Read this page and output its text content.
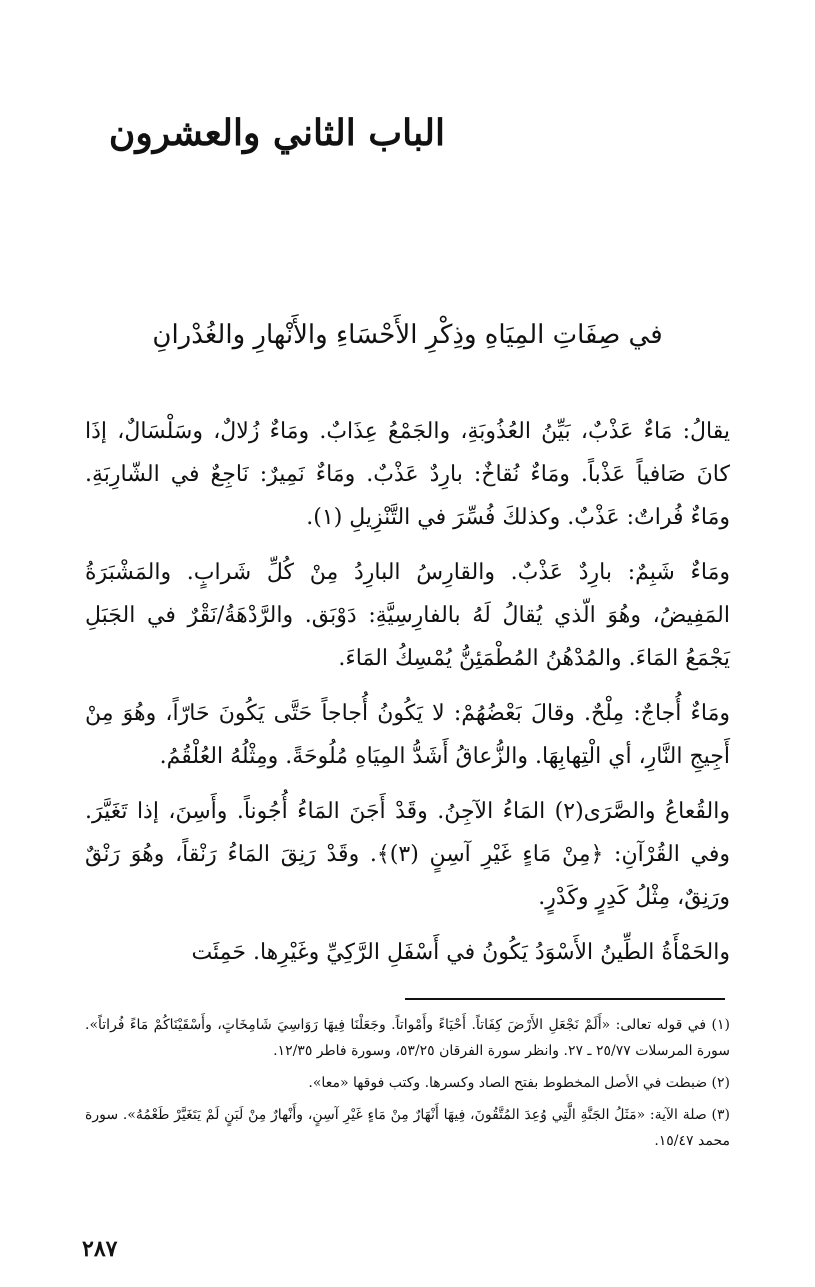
الباب الثاني والعشرون
في صِفَاتِ المِيَاهِ وذِكْرِ الأَحْسَاءِ والأَنْهارِ والغُدْرانِ

يقالُ: مَاءٌ عَذْبٌ، بَيِّنُ العُذُوبَةِ، والجَمْعُ عِذَابٌ. ومَاءٌ زُلالٌ، وسَلْسَالٌ، إذَا كانَ صَافياً عَذْباً. ومَاءٌ نُقاخٌ: بارِدٌ عَذْبٌ. ومَاءٌ نَمِيرٌ: نَاجِعٌ في الشّارِبَةِ. ومَاءٌ فُراتٌ: عَذْبٌ. وكذلكَ فُسِّرَ في التَّنْزِيلِ (١).

ومَاءٌ شَبِمٌ: بارِدٌ عَذْبٌ. والقارِسُ البارِدُ مِنْ كُلِّ شَرابٍ. والمَشْبَرَةُ المَفِيضُ، وهُوَ الّذي يُقالُ لَهُ بالفارِسِيَّةِ: دَوْبَق. والرَّدْهَةُ/نَقْرٌ في الجَبَلِ يَجْمَعُ المَاءَ. والمُدْهُنُ المُطْمَئِنُّ يُمْسِكُ المَاءَ.

ومَاءٌ أُجاجٌ: مِلْحٌ. وقالَ بَعْضُهُمْ: لا يَكُونُ أُجاجاً حَتَّى يَكُونَ حَارّاً، وهُوَ مِنْ أَجِيجِ النَّارِ، أي الْتِهابِهَا. والزُّعاقُ أَشَدُّ المِيَاهِ مُلُوحَةً. ومِثْلُهُ العُلْقُمُ.

والقُعاعُ والصَّرَى(٢) المَاءُ الآجِنُ. وقَدْ أَجَنَ المَاءُ أُجُوناً. وأَسِنَ، إذا تَغَيَّرَ. وفي القُرْآنِ: ﴿مِنْ مَاءٍ غَيْرِ آسِنٍ (٣)﴾. وقَدْ رَنِقَ المَاءُ رَنْقاً، وهُوَ رَنْقٌ ورَنِقٌ، مِثْلُ كَدِرٍ وكَدْرٍ.

والحَمْأَةُ الطِّينُ الأَسْوَدُ يَكُونُ في أَسْفَلِ الرَّكِيِّ وغَيْرِها. حَمِئَت

(١) في قوله تعالى: «أَلَمْ نَجْعَلِ الأَرْضَ كِفَاتاً. أَحْيَاءً وأَمْواتاً. وجَعَلْنَا فِيهَا رَوَاسِيَ شَامِخَاتٍ، وأَسْقَيْنَاكُمْ مَاءً فُراتاً». سورة المرسلات ٢٥/٧٧ ـ ٢٧. وانظر سورة الفرقان ٥٣/٢٥، وسورة فاطر ١٢/٣٥.

(٢) ضبطت في الأصل المخطوط بفتح الصاد وكسرها. وكتب فوقها «معا».

(٣) صلة الآية: «مَثَلُ الجَنَّةِ الَّتِي وُعِدَ المُتَّقُونَ، فِيهَا أَنْهَارٌ مِنْ مَاءٍ غَيْرِ آسِنٍ، وأَنْهارٌ مِنْ لَبَنٍ لَمْ يَتَغَيَّرْ طَعْمُهُ». سورة محمد ١٥/٤٧.

٢٨٧
